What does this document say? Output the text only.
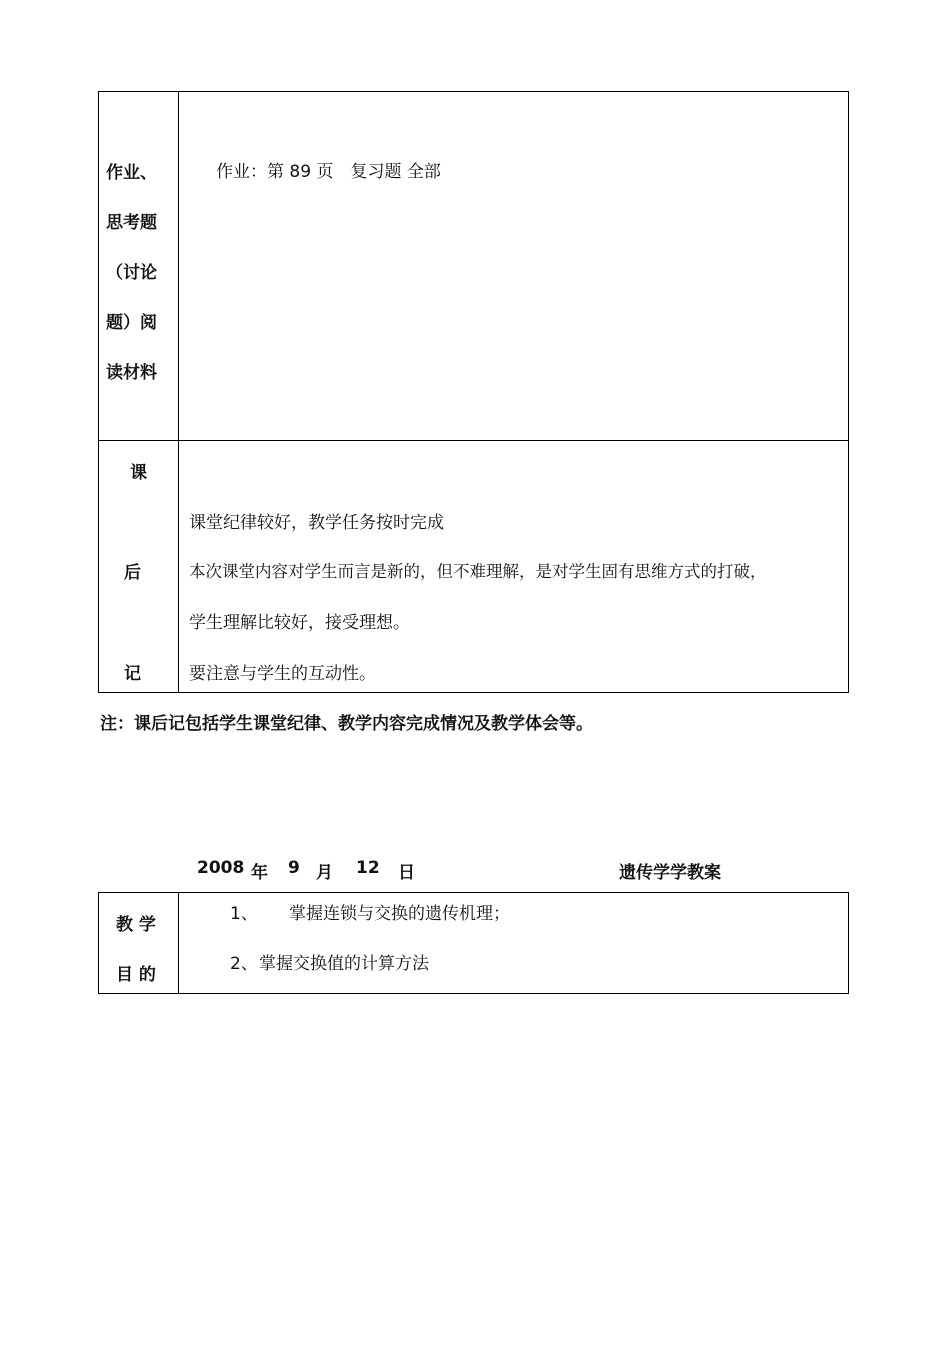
作业、
思考题
（讨论
题）阅
读材料
作业：第 89 页　复习题 全部
课
后
记
课堂纪律较好，教学任务按时完成
本次课堂内容对学生而言是新的，但不难理解，是对学生固有思维方式的打破，
学生理解比较好，接受理想。
要注意与学生的互动性。
注：课后记包括学生课堂纪律、教学内容完成情况及教学体会等。
2008 年 9 月 12 日	遗传学学教案
教 学
目 的
1、 掌握连锁与交换的遗传机理；
2、 掌握交换值的计算方法
